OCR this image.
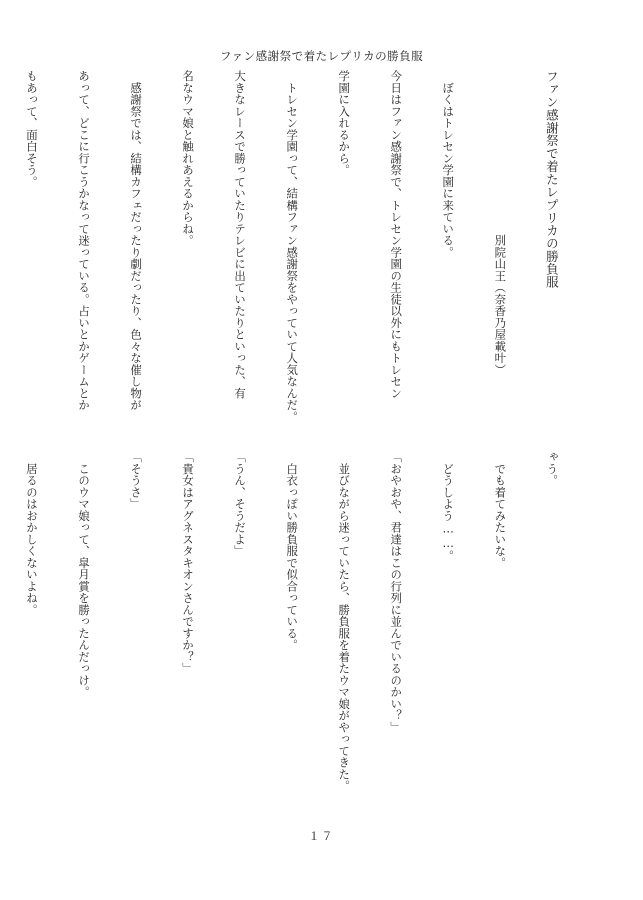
ファン感謝祭で着たレプリカの勝負服

ファン感謝祭で着たレプリカの勝負服

　　　　　　　　　　　　　　別院山王（奈香乃屋載叶）

　ぼくはトレセン学園に来ている。

今日はファン感謝祭で、トレセン学園の生徒以外にもトレセン

学園に入れるから。

　トレセン学園って、結構ファン感謝祭をやっていて人気なんだ。

大きなレースで勝っていたりテレビに出ていたりといった、有

名なウマ娘と触れあえるからね。

　感謝祭では、結構カフェだったり劇だったり、色々な催し物が

あって、どこに行こうかなって迷っている。占いとかゲームとか

もあって、面白そう。

ゃう。

　でも着てみたいな。

　どうしよう……。

「おやおや、君達はこの行列に並んでいるのかい？」

　並びながら迷っていたら、勝負服を着たウマ娘がやってきた。

　白衣っぽい勝負服で似合っている。

「うん、そうだよ」

「貴女はアグネスタキオンさんですか？」

「そうさ」

　このウマ娘って、皐月賞を勝ったんだっけ。

　居るのはおかしくないよね。

１７
